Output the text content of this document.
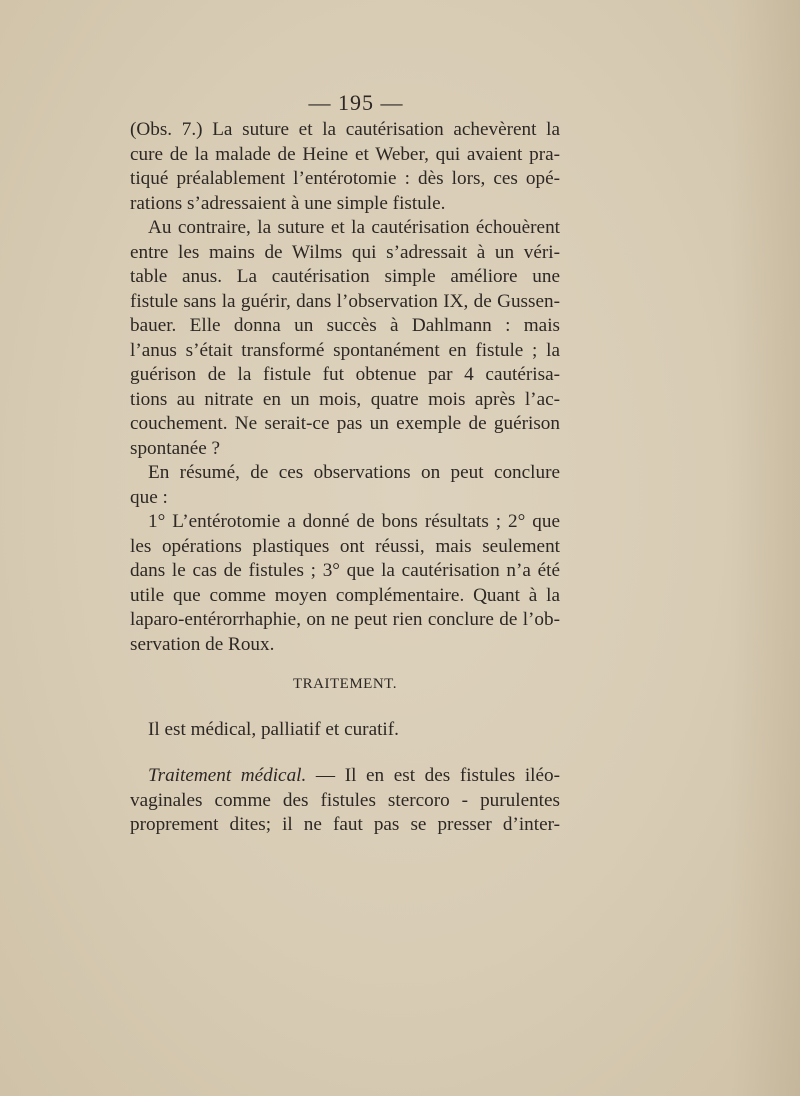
— 195 —
(Obs. 7.) La suture et la cautérisation achevèrent la
cure de la malade de Heine et Weber, qui avaient pra-
tiqué préalablement l’entérotomie : dès lors, ces opé-
rations s’adressaient à une simple fistule.
Au contraire, la suture et la cautérisation échouèrent
entre les mains de Wilms qui s’adressait à un véri-
table anus. La cautérisation simple améliore une
fistule sans la guérir, dans l’observation IX, de Gussen-
bauer. Elle donna un succès à Dahlmann : mais
l’anus s’était transformé spontanément en fistule ; la
guérison de la fistule fut obtenue par 4 cautérisa-
tions au nitrate en un mois, quatre mois après l’ac-
couchement. Ne serait-ce pas un exemple de guérison
spontanée ?
En résumé, de ces observations on peut conclure
que :
1° L’entérotomie a donné de bons résultats ; 2° que
les opérations plastiques ont réussi, mais seulement
dans le cas de fistules ; 3° que la cautérisation n’a été
utile que comme moyen complémentaire. Quant à la
laparo-entérorrhaphie, on ne peut rien conclure de l’ob-
servation de Roux.
TRAITEMENT.
Il est médical, palliatif et curatif.
Traitement médical. — Il en est des fistules iléo-
vaginales comme des fistules stercoro - purulentes
proprement dites; il ne faut pas se presser d’inter-
